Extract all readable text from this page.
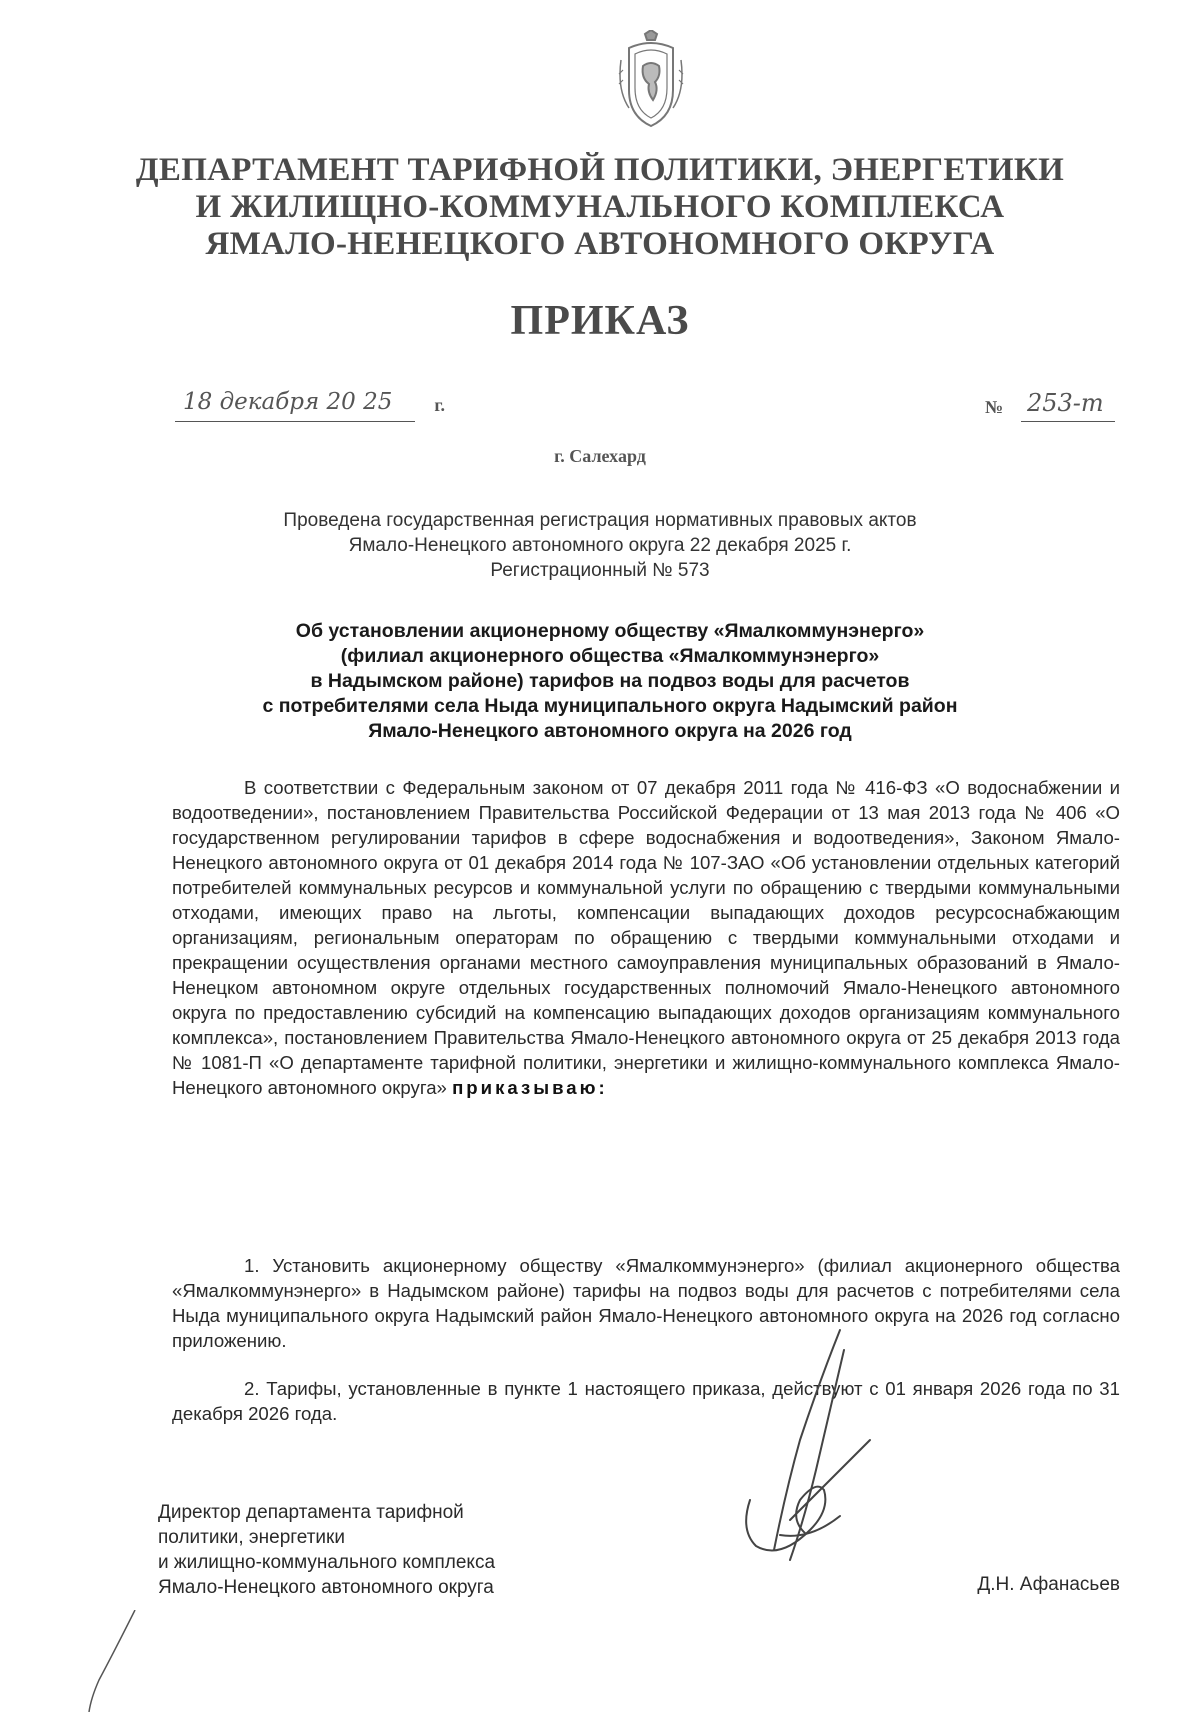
ДЕПАРТАМЕНТ ТАРИФНОЙ ПОЛИТИКИ, ЭНЕРГЕТИКИ

И ЖИЛИЩНО-КОММУНАЛЬНОГО КОМПЛЕКСА

ЯМАЛО-НЕНЕЦКОГО АВТОНОМНОГО ОКРУГА

ПРИКАЗ

18 декабря 20 25 г.	№ 253-т

г. Салехард

Проведена государственная регистрация нормативных правовых актов
Ямало-Ненецкого автономного округа 22 декабря 2025 г.
Регистрационный № 573

Об установлении акционерному обществу «Ямалкоммунэнерго»
(филиал акционерного общества «Ямалкоммунэнерго»
в Надымском районе) тарифов на подвоз воды для расчетов
с потребителями села Ныда муниципального округа Надымский район
Ямало-Ненецкого автономного округа на 2026 год

В соответствии с Федеральным законом от 07 декабря 2011 года № 416-ФЗ «О водоснабжении и водоотведении», постановлением Правительства Российской Федерации от 13 мая 2013 года № 406 «О государственном регулировании тарифов в сфере водоснабжения и водоотведения», Законом Ямало-Ненецкого автономного округа от 01 декабря 2014 года № 107-ЗАО «Об установлении отдельных категорий потребителей коммунальных ресурсов и коммунальной услуги по обращению с твердыми коммунальными отходами, имеющих право на льготы, компенсации выпадающих доходов ресурсоснабжающим организациям, региональным операторам по обращению с твердыми коммунальными отходами и прекращении осуществления органами местного самоуправления муниципальных образований в Ямало-Ненецком автономном округе отдельных государственных полномочий Ямало-Ненецкого автономного округа по предоставлению субсидий на компенсацию выпадающих доходов организациям коммунального комплекса», постановлением Правительства Ямало-Ненецкого автономного округа от 25 декабря 2013 года № 1081-П «О департаменте тарифной политики, энергетики и жилищно-коммунального комплекса Ямало-Ненецкого автономного округа» приказываю:

1. Установить акционерному обществу «Ямалкоммунэнерго» (филиал акционерного общества «Ямалкоммунэнерго» в Надымском районе) тарифы на подвоз воды для расчетов с потребителями села Ныда муниципального округа Надымский район Ямало-Ненецкого автономного округа на 2026 год согласно приложению.

2. Тарифы, установленные в пункте 1 настоящего приказа, действуют с 01 января 2026 года по 31 декабря 2026 года.

Директор департамента тарифной
политики, энергетики
и жилищно-коммунального комплекса
Ямало-Ненецкого автономного округа	Д.Н. Афанасьев
